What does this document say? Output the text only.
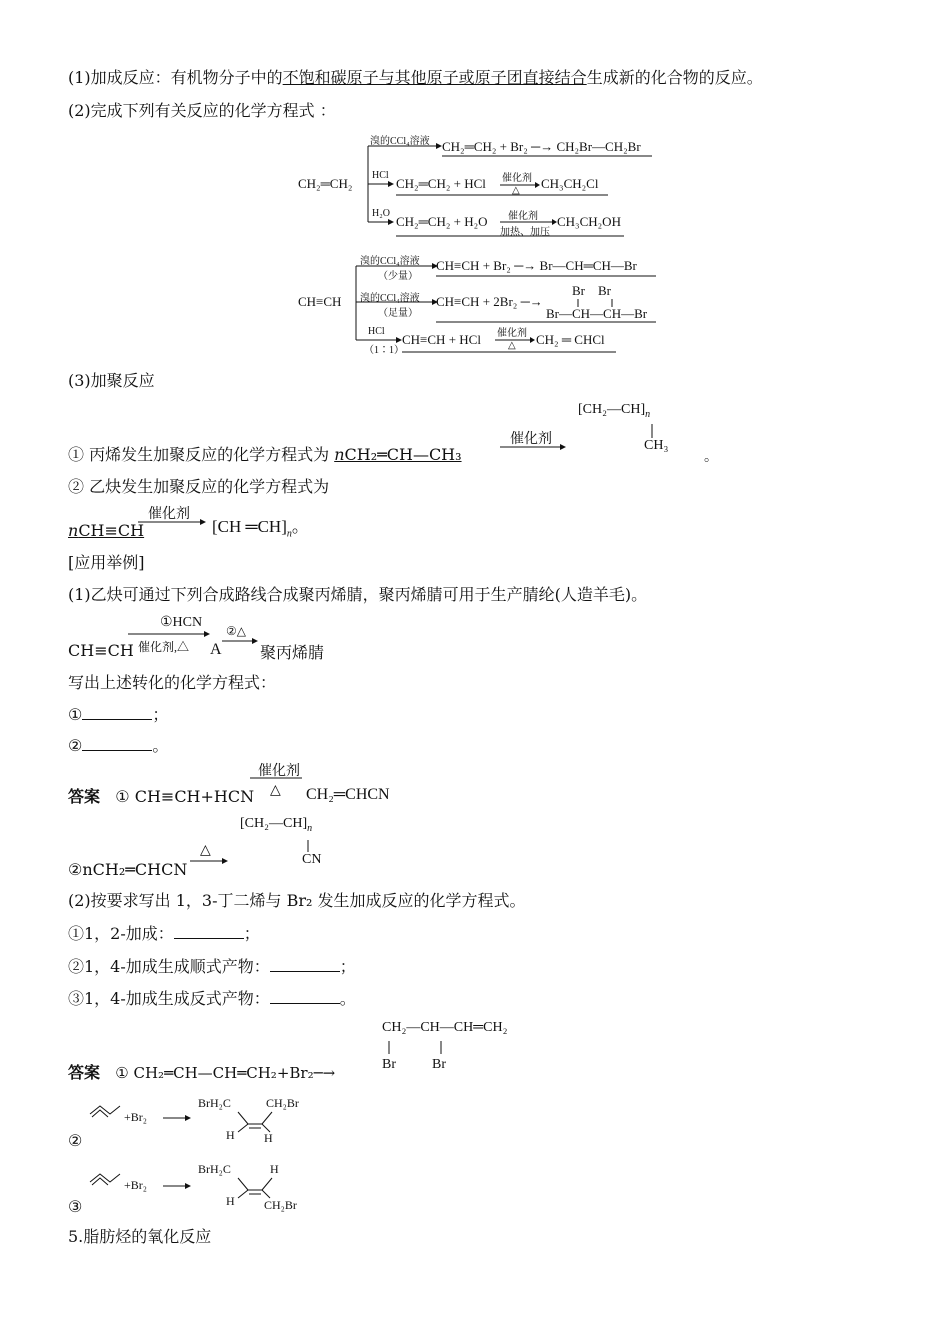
(1)加成反应：有机物分子中的不饱和碳原子与其他原子或原子团直接结合生成新的化合物的反应。
(2)完成下列有关反应的化学方程式 ：
CH₂═CH₂
溴的CCl₄溶液 CH₂═CH₂ + Br₂ ─→ CH₂Br—CH₂Br
HCl
CH₂═CH₂ + HCl 催化剂
△ CH₃CH₂Cl
H₂O
CH₂═CH₂ + H₂O 催化剂
加热、加压
CH₃CH₂OH
CH≡CH
溴的CCl₄溶液
（少量）
CH≡CH + Br₂ ─→ Br—CH═CH—Br
溴的CCl₄溶液
（足量）
CH≡CH + 2Br₂ ─→
Br    Br
Br—CH—CH—Br
HCl
（1∶1）
CH≡CH + HCl 催化剂
△ CH₂ ═ CHCl
(3)加聚反应
① 丙烯发生加聚反应的化学方程式为 nCH₂═CH—CH₃
催化剂
$[CH_2—CH]_n$
CH₃
。
② 乙炔发生加聚反应的化学方程式为
nCH≡CH
催化剂
[CH $═CH]_n$。
[应用举例]
(1)乙炔可通过下列合成路线合成聚丙烯腈，聚丙烯腈可用于生产腈纶(人造羊毛)。
①HCN
催化剂,△
CH≡CH	A
②△
聚丙烯腈
写出上述转化的化学方程式：
①	；
②	。
答案 ① CH≡CH+HCN
催化剂
△ CH₂═CHCN
$[CH_2—CH]_n$
△
②nCH₂═CHCN
CN
(2)按要求写出 1，3-丁二烯与 Br₂ 发生加成反应的化学方程式。
①1，2-加成：	；
②1，4-加成生成顺式产物：	；
③1，4-加成生成反式产物：	。
CH₂—CH—CH═CH₂
答案 ① CH₂═CH—CH═CH₂+Br₂─→	Br	Br
+Br₂
BrH₂C	CH₂Br
H H
②
+Br₂
BrH₂C	H
H CH₂Br
③
5.脂肪烃的氧化反应
